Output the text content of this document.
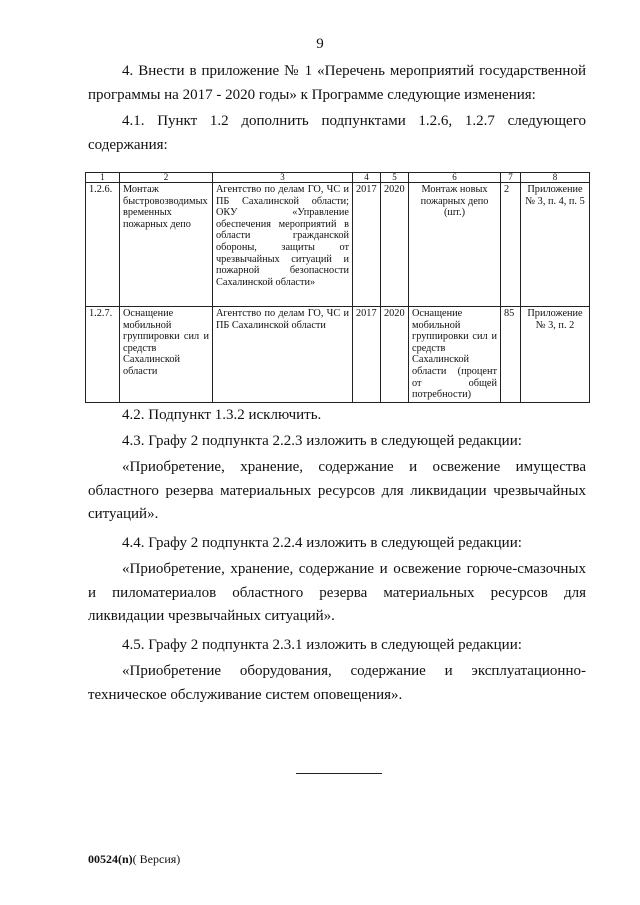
9
4. Внести в приложение № 1 «Перечень мероприятий государственной программы на 2017 - 2020 годы» к Программе следующие изменения:
4.1. Пункт 1.2 дополнить подпунктами 1.2.6, 1.2.7 следующего содержания:
1	2	3	4	5	6	7	8
1.2.6.	Монтаж быстровозводимых временных пожарных депо	Агентство по делам ГО, ЧС и ПБ Сахалинской области; ОКУ «Управление обеспечения мероприятий в области гражданской обороны, защиты от чрезвычайных ситуаций и пожарной безопасности Сахалинской области»	2017	2020	Монтаж новых пожарных депо (шт.)	2	Приложение № 3, п. 4, п. 5
1.2.7.	Оснащение мобильной группировки сил и средств Сахалинской области	Агентство по делам ГО, ЧС и ПБ Сахалинской области	2017	2020	Оснащение мобильной группировки сил и средств Сахалинской области (процент от общей потребности)	85	Приложение № 3, п. 2
4.2. Подпункт 1.3.2 исключить.
4.3. Графу 2 подпункта 2.2.3 изложить в следующей редакции:
«Приобретение, хранение, содержание и освежение имущества областного резерва материальных ресурсов для ликвидации чрезвычайных ситуаций».
4.4. Графу 2 подпункта 2.2.4 изложить в следующей редакции:
«Приобретение, хранение, содержание и освежение горюче-смазочных и пиломатериалов областного резерва материальных ресурсов для ликвидации чрезвычайных ситуаций».
4.5. Графу 2 подпункта 2.3.1 изложить в следующей редакции:
«Приобретение оборудования, содержание и эксплуатационно-техническое обслуживание систем оповещения».
00524(n)( Версия)
